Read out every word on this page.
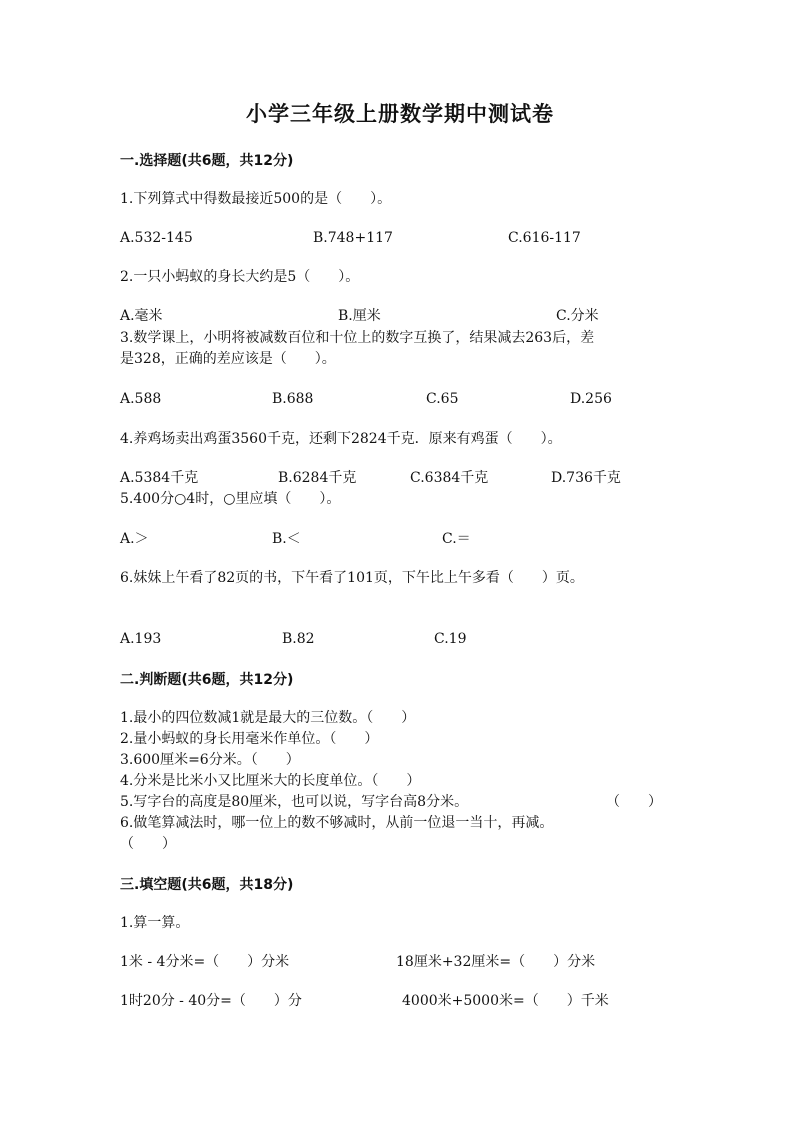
小学三年级上册数学期中测试卷
一.选择题(共6题，共12分)
1.下列算式中得数最接近500的是（　　）。
A.532-145	B.748+117	C.616-117
2.一只小蚂蚁的身长大约是5（　　）。
A.毫米	B.厘米	C.分米
3.数学课上，小明将被减数百位和十位上的数字互换了，结果减去263后，差
是328，正确的差应该是（　　）。
A.588	B.688	C.65	D.256
4.养鸡场卖出鸡蛋3560千克，还剩下2824千克．原来有鸡蛋（　　）。
A.5384千克	B.6284千克	C.6384千克	D.736千克
5.400分○4时，○里应填（　　）。
A.＞	B.＜	C.＝
6.妹妹上午看了82页的书，下午看了101页，下午比上午多看（　　）页。
A.193	B.82	C.19
二.判断题(共6题，共12分)
1.最小的四位数减1就是最大的三位数。（　　）
2.量小蚂蚁的身长用毫米作单位。（　　）
3.600厘米=6分米。（　　）
4.分米是比米小又比厘米大的长度单位。（　　）
5.写字台的高度是80厘米，也可以说，写字台高8分米。	（　　）
6.做笔算减法时，哪一位上的数不够减时，从前一位退一当十，再减。
（　　）
三.填空题(共6题，共18分)
1.算一算。
1米 - 4分米=（　　）分米	18厘米+32厘米=（　　）分米
1时20分 - 40分=（　　）分	4000米+5000米=（　　）千米
